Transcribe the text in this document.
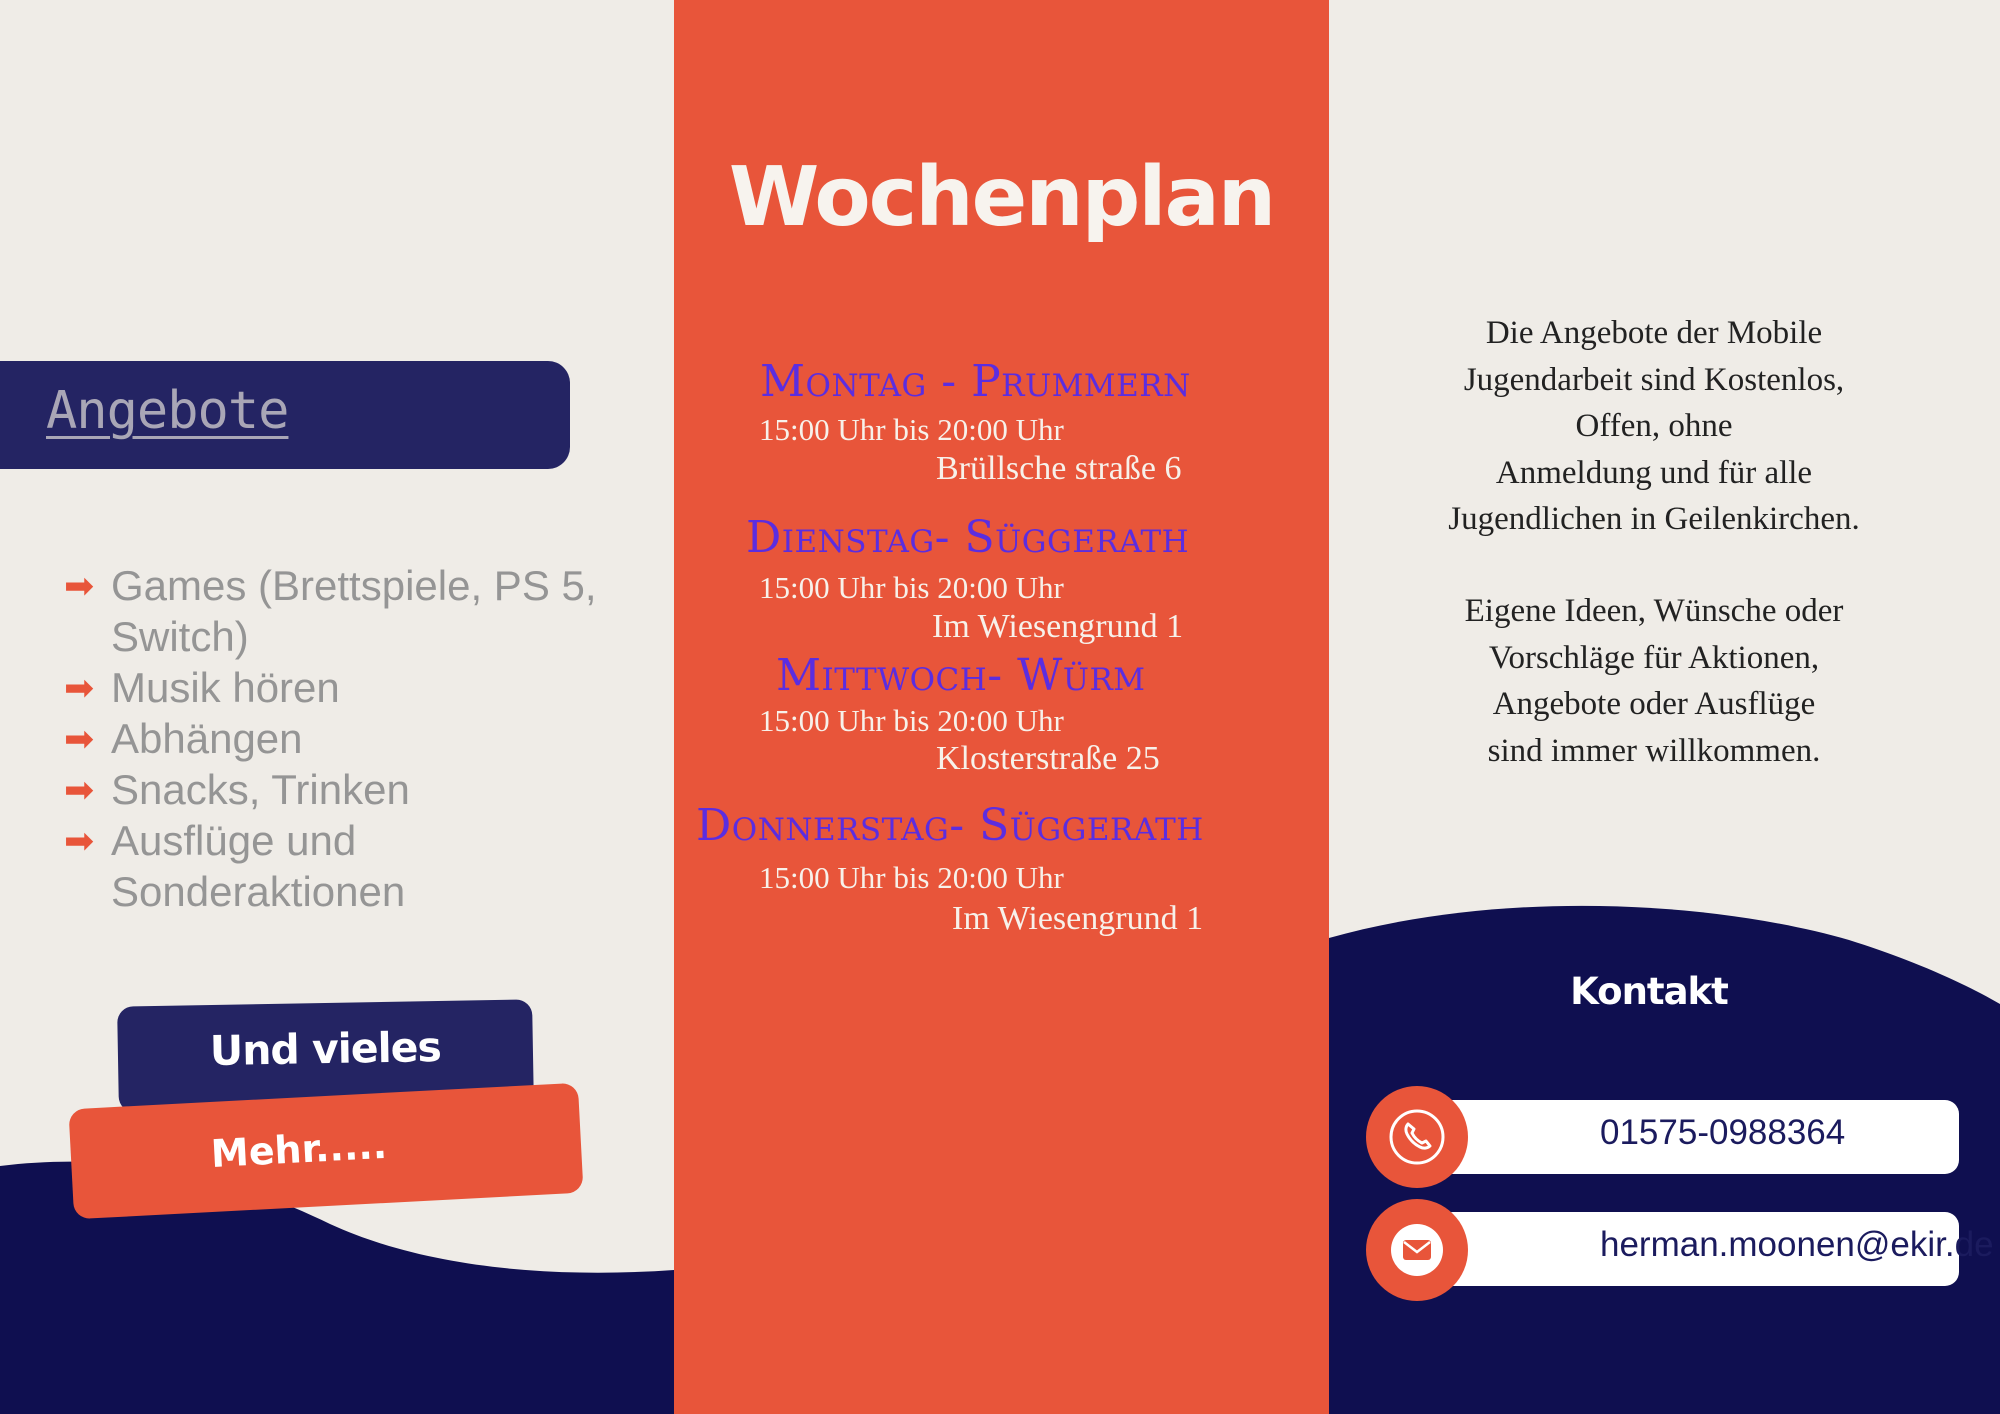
Angebote
➡ Games (Brettspiele, PS 5, Switch)
➡ Musik hören
➡ Abhängen
➡ Snacks, Trinken
➡ Ausflüge und Sonderaktionen
Und vieles
Mehr.....
Wochenplan
Montag - Prummern
15:00 Uhr bis 20:00 Uhr
Brüllsche straße 6
Dienstag- Süggerath
15:00 Uhr bis 20:00 Uhr
Im Wiesengrund 1
Mittwoch- Würm
15:00 Uhr bis 20:00 Uhr
Klosterstraße 25
Donnerstag- Süggerath
15:00 Uhr bis 20:00 Uhr
Im Wiesengrund 1
Die Angebote der Mobile
Jugendarbeit sind Kostenlos,
Offen, ohne
Anmeldung und für alle
Jugendlichen in Geilenkirchen.
Eigene Ideen, Wünsche oder
Vorschläge für Aktionen,
Angebote oder Ausflüge
sind immer willkommen.
Kontakt
01575-0988364
herman.moonen@ekir.de
